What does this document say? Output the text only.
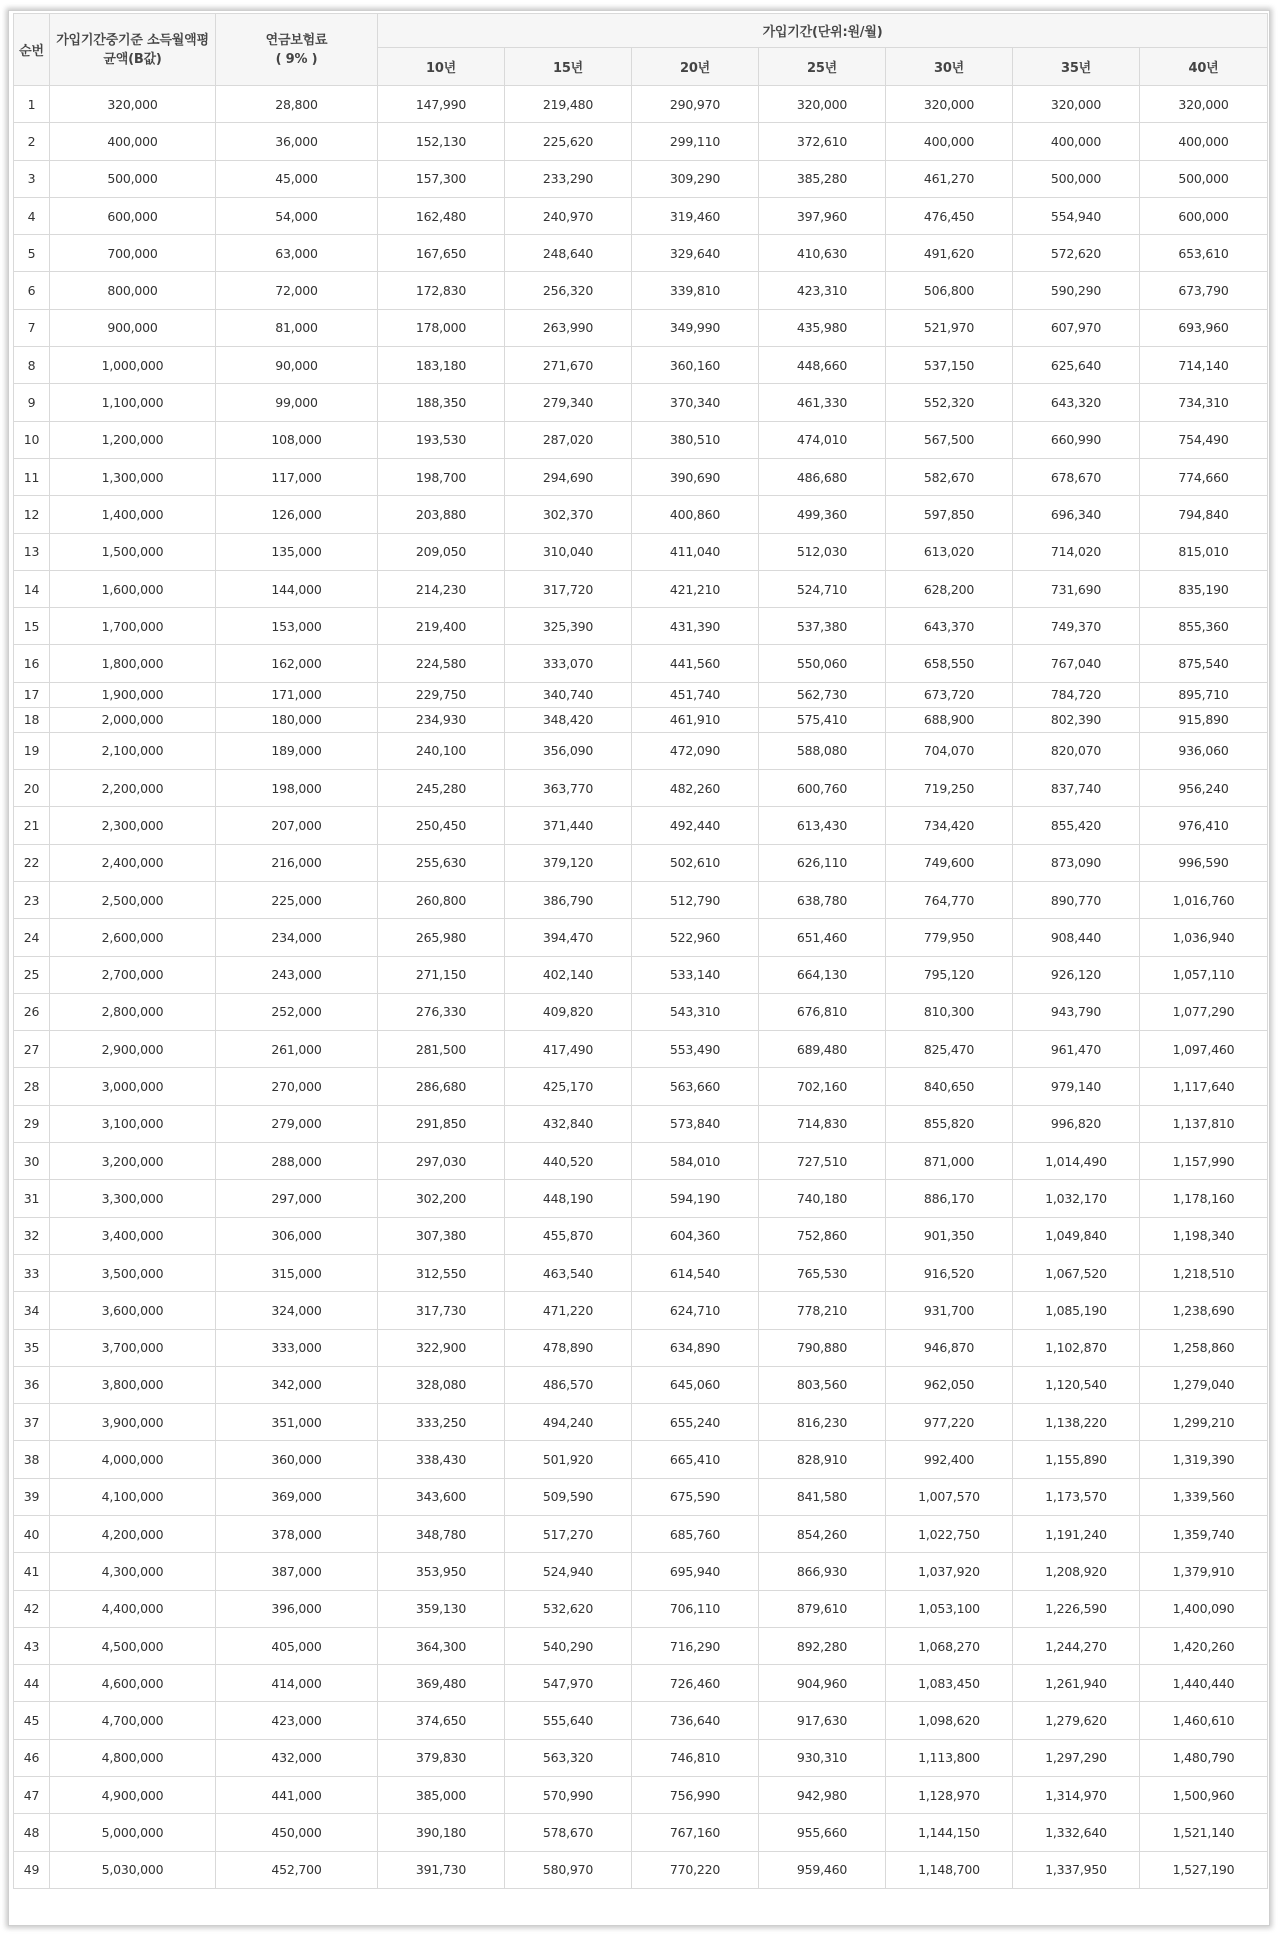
순번	가입기간중기준 소득월액평균액(B값)	연금보험료
( 9% )	가입기간(단위:원/월)						
			10년	15년	20년	25년	30년	35년	40년
1	320,000	28,800	147,990	219,480	290,970	320,000	320,000	320,000	320,000
2	400,000	36,000	152,130	225,620	299,110	372,610	400,000	400,000	400,000
3	500,000	45,000	157,300	233,290	309,290	385,280	461,270	500,000	500,000
4	600,000	54,000	162,480	240,970	319,460	397,960	476,450	554,940	600,000
5	700,000	63,000	167,650	248,640	329,640	410,630	491,620	572,620	653,610
6	800,000	72,000	172,830	256,320	339,810	423,310	506,800	590,290	673,790
7	900,000	81,000	178,000	263,990	349,990	435,980	521,970	607,970	693,960
8	1,000,000	90,000	183,180	271,670	360,160	448,660	537,150	625,640	714,140
9	1,100,000	99,000	188,350	279,340	370,340	461,330	552,320	643,320	734,310
10	1,200,000	108,000	193,530	287,020	380,510	474,010	567,500	660,990	754,490
11	1,300,000	117,000	198,700	294,690	390,690	486,680	582,670	678,670	774,660
12	1,400,000	126,000	203,880	302,370	400,860	499,360	597,850	696,340	794,840
13	1,500,000	135,000	209,050	310,040	411,040	512,030	613,020	714,020	815,010
14	1,600,000	144,000	214,230	317,720	421,210	524,710	628,200	731,690	835,190
15	1,700,000	153,000	219,400	325,390	431,390	537,380	643,370	749,370	855,360
16	1,800,000	162,000	224,580	333,070	441,560	550,060	658,550	767,040	875,540
17	1,900,000	171,000	229,750	340,740	451,740	562,730	673,720	784,720	895,710
18	2,000,000	180,000	234,930	348,420	461,910	575,410	688,900	802,390	915,890
19	2,100,000	189,000	240,100	356,090	472,090	588,080	704,070	820,070	936,060
20	2,200,000	198,000	245,280	363,770	482,260	600,760	719,250	837,740	956,240
21	2,300,000	207,000	250,450	371,440	492,440	613,430	734,420	855,420	976,410
22	2,400,000	216,000	255,630	379,120	502,610	626,110	749,600	873,090	996,590
23	2,500,000	225,000	260,800	386,790	512,790	638,780	764,770	890,770	1,016,760
24	2,600,000	234,000	265,980	394,470	522,960	651,460	779,950	908,440	1,036,940
25	2,700,000	243,000	271,150	402,140	533,140	664,130	795,120	926,120	1,057,110
26	2,800,000	252,000	276,330	409,820	543,310	676,810	810,300	943,790	1,077,290
27	2,900,000	261,000	281,500	417,490	553,490	689,480	825,470	961,470	1,097,460
28	3,000,000	270,000	286,680	425,170	563,660	702,160	840,650	979,140	1,117,640
29	3,100,000	279,000	291,850	432,840	573,840	714,830	855,820	996,820	1,137,810
30	3,200,000	288,000	297,030	440,520	584,010	727,510	871,000	1,014,490	1,157,990
31	3,300,000	297,000	302,200	448,190	594,190	740,180	886,170	1,032,170	1,178,160
32	3,400,000	306,000	307,380	455,870	604,360	752,860	901,350	1,049,840	1,198,340
33	3,500,000	315,000	312,550	463,540	614,540	765,530	916,520	1,067,520	1,218,510
34	3,600,000	324,000	317,730	471,220	624,710	778,210	931,700	1,085,190	1,238,690
35	3,700,000	333,000	322,900	478,890	634,890	790,880	946,870	1,102,870	1,258,860
36	3,800,000	342,000	328,080	486,570	645,060	803,560	962,050	1,120,540	1,279,040
37	3,900,000	351,000	333,250	494,240	655,240	816,230	977,220	1,138,220	1,299,210
38	4,000,000	360,000	338,430	501,920	665,410	828,910	992,400	1,155,890	1,319,390
39	4,100,000	369,000	343,600	509,590	675,590	841,580	1,007,570	1,173,570	1,339,560
40	4,200,000	378,000	348,780	517,270	685,760	854,260	1,022,750	1,191,240	1,359,740
41	4,300,000	387,000	353,950	524,940	695,940	866,930	1,037,920	1,208,920	1,379,910
42	4,400,000	396,000	359,130	532,620	706,110	879,610	1,053,100	1,226,590	1,400,090
43	4,500,000	405,000	364,300	540,290	716,290	892,280	1,068,270	1,244,270	1,420,260
44	4,600,000	414,000	369,480	547,970	726,460	904,960	1,083,450	1,261,940	1,440,440
45	4,700,000	423,000	374,650	555,640	736,640	917,630	1,098,620	1,279,620	1,460,610
46	4,800,000	432,000	379,830	563,320	746,810	930,310	1,113,800	1,297,290	1,480,790
47	4,900,000	441,000	385,000	570,990	756,990	942,980	1,128,970	1,314,970	1,500,960
48	5,000,000	450,000	390,180	578,670	767,160	955,660	1,144,150	1,332,640	1,521,140
49	5,030,000	452,700	391,730	580,970	770,220	959,460	1,148,700	1,337,950	1,527,190
